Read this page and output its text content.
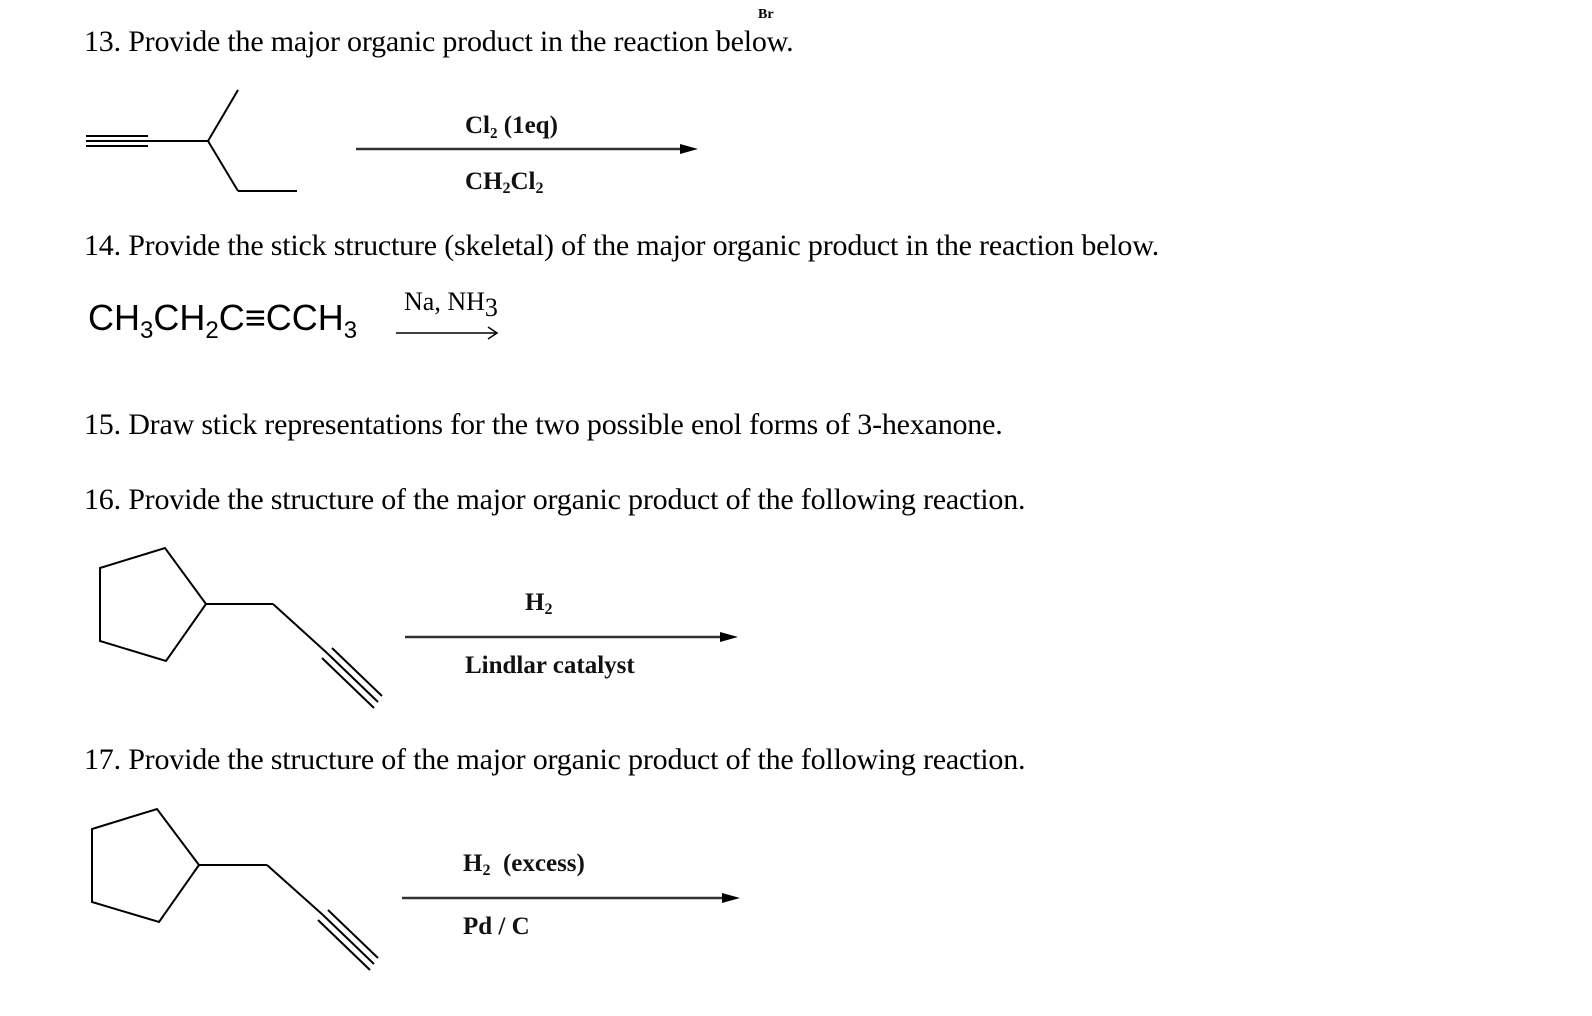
Br
13. Provide the major organic product in the reaction below.
Cl₂ (1eq)
$CH_2Cl_2$
14. Provide the stick structure (skeletal) of the major organic product in the reaction below.
$CH_3CH_2C\equiv CCH_3$
Na, $NH_3$
15. Draw stick representations for the two possible enol forms of 3-hexanone.
16. Provide the structure of the major organic product of the following reaction.
$H_2$
Lindlar catalyst
17. Provide the structure of the major organic product of the following reaction.
$H_2$ (excess)
Pd / C
